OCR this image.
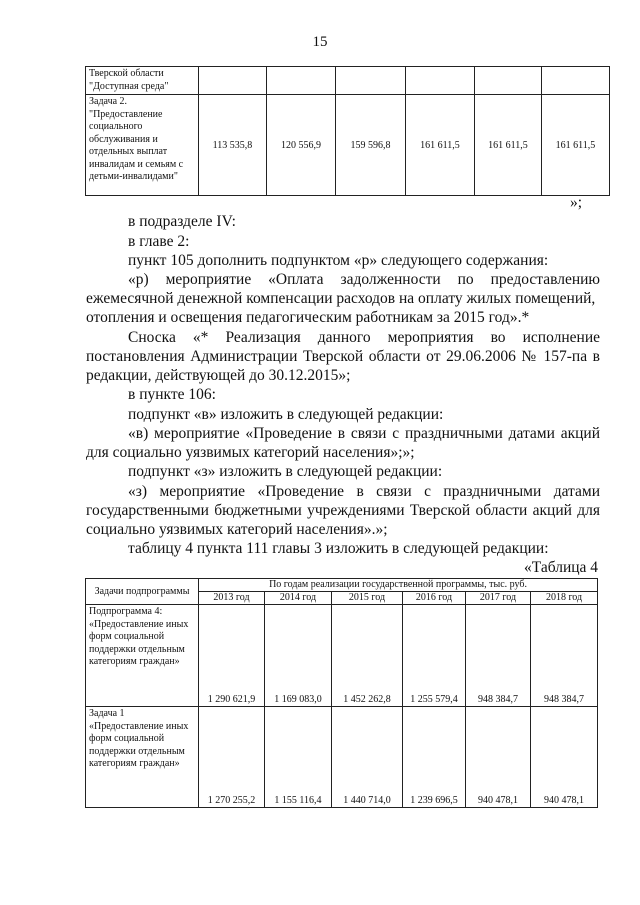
15
Тверской области "Доступная среда"						
Задача 2. "Предоставление социального обслуживания и отдельных выплат инвалидам и семьям с детьми-инвалидами"	113 535,8	120 556,9	159 596,8	161 611,5	161 611,5	161 611,5

»;

в подразделе IV:

в главе 2:

пункт 105 дополнить подпунктом «р» следующего содержания:

«р) мероприятие «Оплата задолженности по предоставлению

ежемесячной денежной компенсации расходов на оплату жилых помещений,

отопления и освещения педагогическим работникам за 2015 год».*

Сноска «* Реализация данного мероприятия во исполнение

постановления Администрации Тверской области от 29.06.2006 № 157-па в

редакции, действующей до 30.12.2015»;

в пункте 106:

подпункт «в» изложить в следующей редакции:

«в) мероприятие «Проведение в связи с праздничными датами акций

для социально уязвимых категорий населения»;»;

подпункт «з» изложить в следующей редакции:

«з) мероприятие «Проведение в связи с праздничными датами

государственными бюджетными учреждениями Тверской области акций для

социально уязвимых категорий населения».»;

таблицу 4 пункта 111 главы 3 изложить в следующей редакции:

«Таблица 4

Задачи подпрограммы	По годам реализации государственной программы, тыс. руб.					
	2013 год	2014 год	2015 год	2016 год	2017 год	2018 год
Подпрограмма 4: «Предоставление иных форм социальной поддержки отдельным категориям граждан»	1 290 621,9	1 169 083,0	1 452 262,8	1 255 579,4	948 384,7	948 384,7
Задача 1 «Предоставление иных форм социальной поддержки отдельным категориям граждан»	1 270 255,2	1 155 116,4	1 440 714,0	1 239 696,5	940 478,1	940 478,1
